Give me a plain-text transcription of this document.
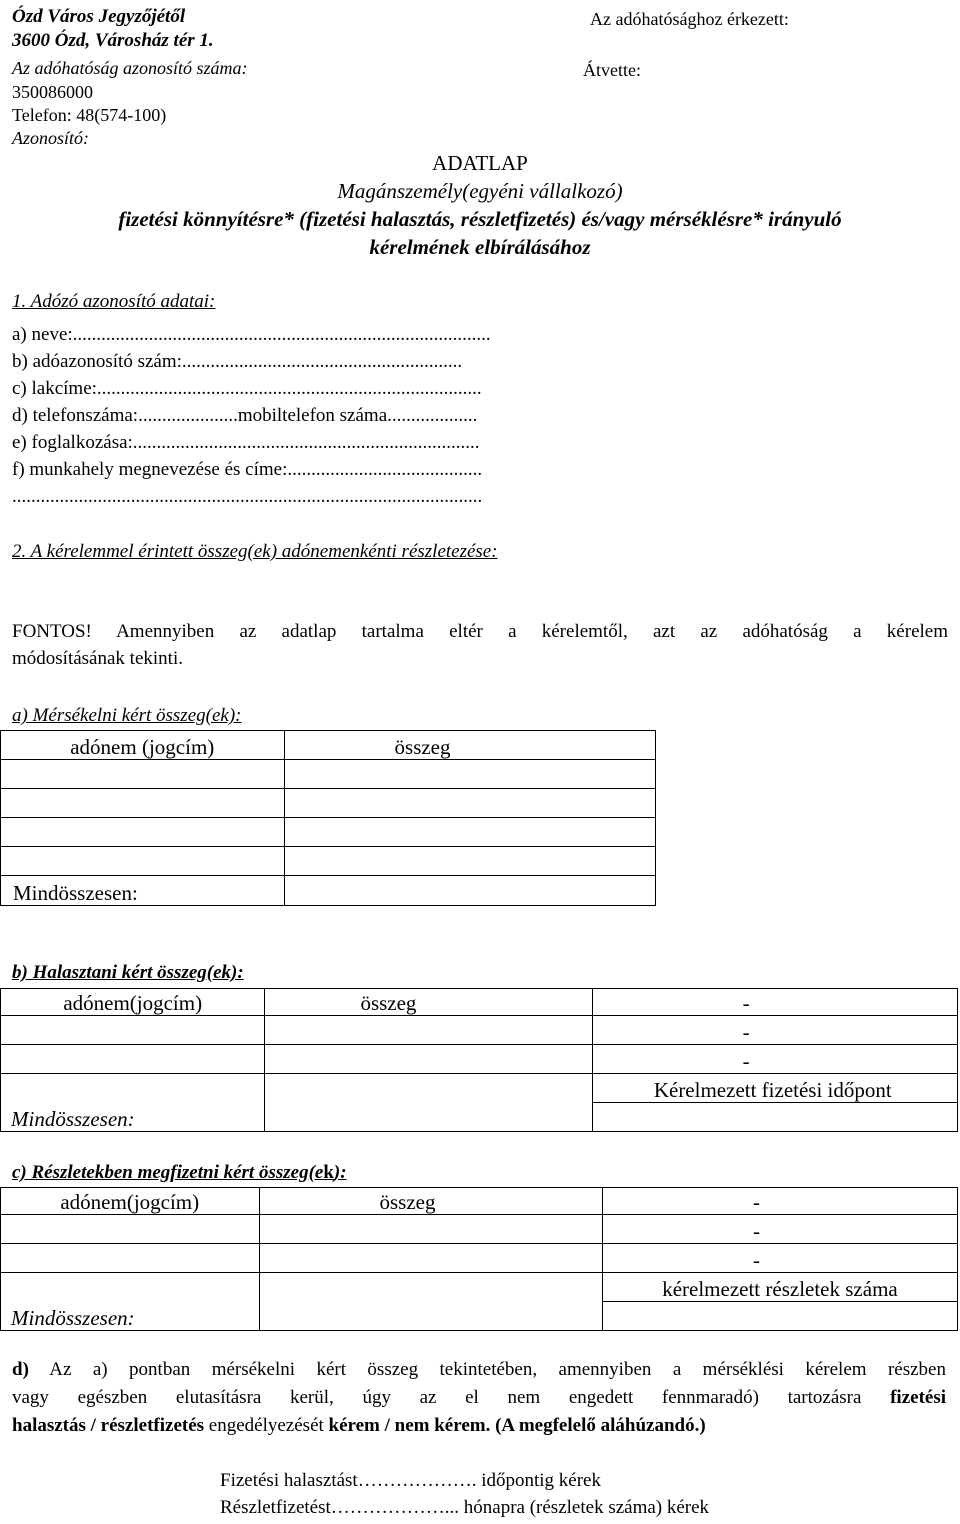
Ózd Város Jegyzőjétől
3600 Ózd, Városház tér 1.
Az adóhatóság azonosító száma:
350086000
Telefon: 48(574-100)
Azonosító:
Az adóhatósághoz érkezett:
Átvette:
ADATLAP
Magánszemély(egyéni vállalkozó)
fizetési könnyítésre* (fizetési halasztás, részletfizetés) és/vagy mérséklésre* irányuló
kérelmének elbírálásához
1. Adózó azonosító adatai:
a) neve:........................................................................................
b) adóazonosító szám:...........................................................
c) lakcíme:.................................................................................
d) telefonszáma:.....................mobiltelefon száma...................
e) foglalkozása:.........................................................................
f) munkahely megnevezése és címe:.........................................
...................................................................................................
2. A kérelemmel érintett összeg(ek) adónemenkénti részletezése:
FONTOS! Amennyiben az adatlap tartalma eltér a kérelemtől, azt az adóhatóság a kérelem
módosításának tekinti.
a) Mérsékelni kért összeg(ek):
adónem (jogcím)	összeg

Mindösszesen:	
b) Halasztani kért összeg(ek):
adónem(jogcím)	összeg	-
		-
		-
Mindösszesen:		Kérelmezett fizetési időpont

c) Részletekben megfizetni kért összeg(ek):
adónem(jogcím)	összeg	-
		-
		-
Mindösszesen:		kérelmezett részletek száma

d) Az a) pontban mérsékelni kért összeg tekintetében, amennyiben a mérséklési kérelem részben
vagy egészben elutasításra kerül, úgy az el nem engedett fennmaradó) tartozásra fizetési
halasztás / részletfizetés engedélyezését kérem / nem kérem. (A megfelelő aláhúzandó.)
Fizetési halasztást………………. időpontig kérek
Részletfizetést………………... hónapra (részletek száma) kérek
